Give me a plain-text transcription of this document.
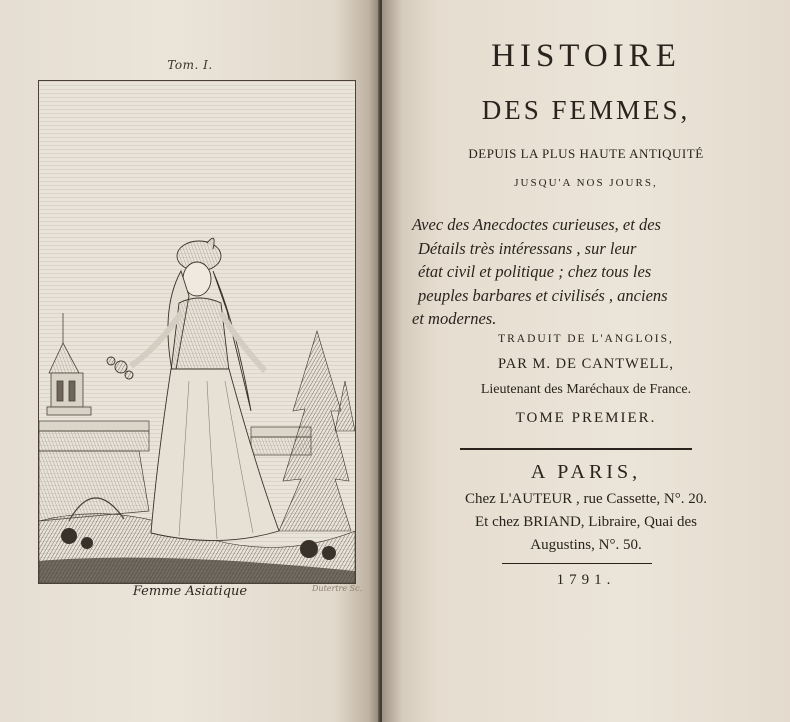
Tom. I.
Femme Asiatique	Dutertre Sc.
HISTOIRE
DES FEMMES,
DEPUIS LA PLUS HAUTE ANTIQUITÉ
JUSQU'A NOS JOURS,
Avec des Anecdoctes curieuses, et des
Détails très intéressans , sur leur
état civil et politique ; chez tous les
peuples barbares et civilisés , anciens
et modernes.
TRADUIT DE L'ANGLOIS,
PAR M. DE CANTWELL,
Lieutenant des Maréchaux de France.
TOME PREMIER.
A PARIS,
Chez L'AUTEUR , rue Cassette, N°. 20.
Et chez BRIAND, Libraire, Quai des
Augustins, N°. 50.
1791.
